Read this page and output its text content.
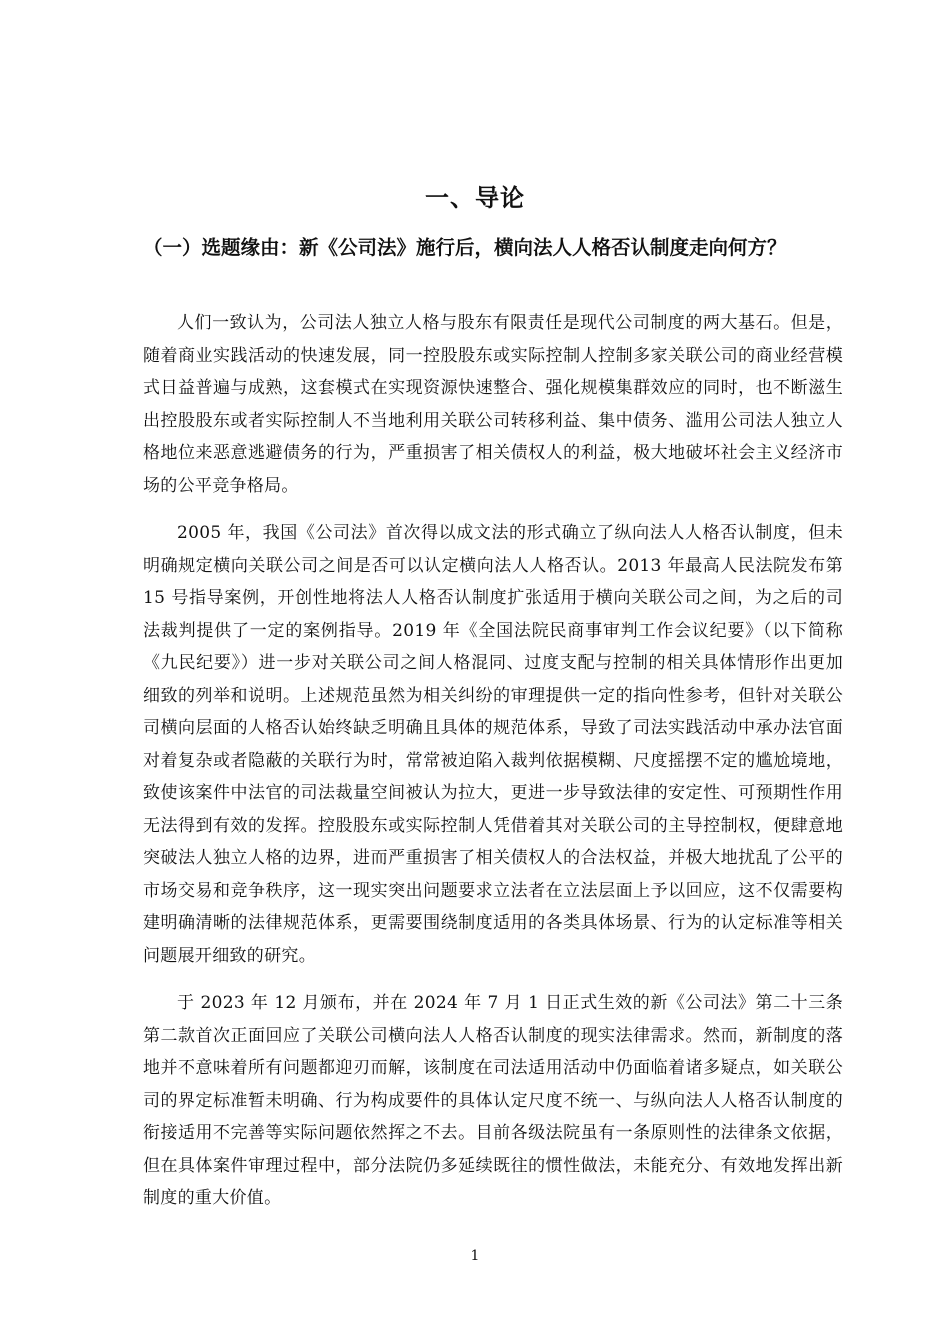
一、导论
（一）选题缘由：新《公司法》施行后，横向法人人格否认制度走向何方？

人们一致认为，公司法人独立人格与股东有限责任是现代公司制度的两大基石。但是，随着商业实践活动的快速发展，同一控股股东或实际控制人控制多家关联公司的商业经营模式日益普遍与成熟，这套模式在实现资源快速整合、强化规模集群效应的同时，也不断滋生出控股股东或者实际控制人不当地利用关联公司转移利益、集中债务、滥用公司法人独立人格地位来恶意逃避债务的行为，严重损害了相关债权人的利益，极大地破坏社会主义经济市场的公平竞争格局。

2005 年，我国《公司法》首次得以成文法的形式确立了纵向法人人格否认制度，但未明确规定横向关联公司之间是否可以认定横向法人人格否认。2013 年最高人民法院发布第 15 号指导案例，开创性地将法人人格否认制度扩张适用于横向关联公司之间，为之后的司法裁判提供了一定的案例指导。2019 年《全国法院民商事审判工作会议纪要》（以下简称《九民纪要》）进一步对关联公司之间人格混同、过度支配与控制的相关具体情形作出更加细致的列举和说明。上述规范虽然为相关纠纷的审理提供一定的指向性参考，但针对关联公司横向层面的人格否认始终缺乏明确且具体的规范体系，导致了司法实践活动中承办法官面对着复杂或者隐蔽的关联行为时，常常被迫陷入裁判依据模糊、尺度摇摆不定的尴尬境地，致使该案件中法官的司法裁量空间被认为拉大，更进一步导致法律的安定性、可预期性作用无法得到有效的发挥。控股股东或实际控制人凭借着其对关联公司的主导控制权，便肆意地突破法人独立人格的边界，进而严重损害了相关债权人的合法权益，并极大地扰乱了公平的市场交易和竞争秩序，这一现实突出问题要求立法者在立法层面上予以回应，这不仅需要构建明确清晰的法律规范体系，更需要围绕制度适用的各类具体场景、行为的认定标准等相关问题展开细致的研究。

于 2023 年 12 月颁布，并在 2024 年 7 月 1 日正式生效的新《公司法》第二十三条第二款首次正面回应了关联公司横向法人人格否认制度的现实法律需求。然而，新制度的落地并不意味着所有问题都迎刃而解，该制度在司法适用活动中仍面临着诸多疑点，如关联公司的界定标准暂未明确、行为构成要件的具体认定尺度不统一、与纵向法人人格否认制度的衔接适用不完善等实际问题依然挥之不去。目前各级法院虽有一条原则性的法律条文依据，但在具体案件审理过程中，部分法院仍多延续既往的惯性做法，未能充分、有效地发挥出新制度的重大价值。

1
